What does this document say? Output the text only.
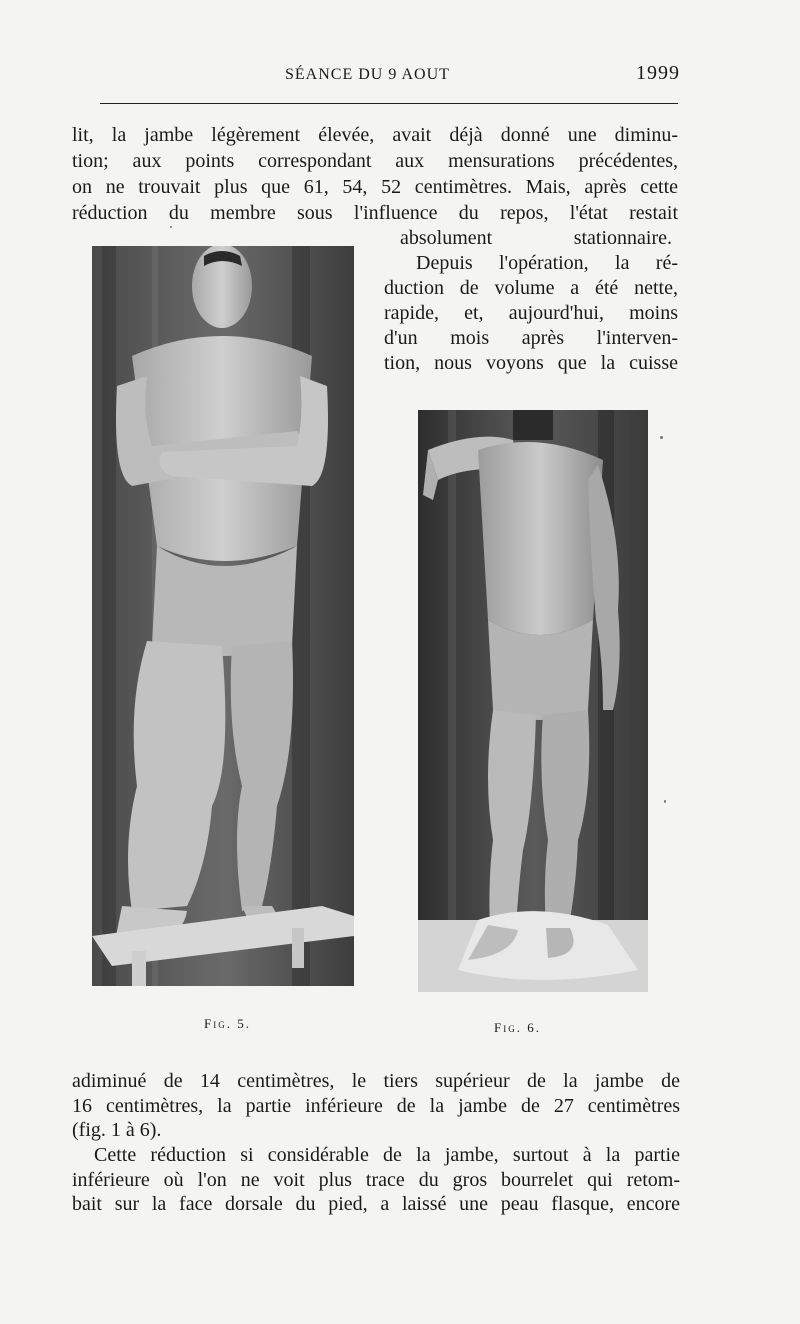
SÉANCE DU 9 AOUT	1999
lit, la jambe légèrement élevée, avait déjà donné une diminu-
tion; aux points correspondant aux mensurations précédentes,
on ne trouvait plus que 61, 54, 52 centimètres. Mais, après cette
réduction du membre sous l'influence du repos, l'état restait
absolument stationnaire.
Depuis l'opération, la ré-
duction de volume a été nette,
rapide, et, aujourd'hui, moins
d'un mois après l'interven-
tion, nous voyons que la cuisse
Fig. 5.	Fig. 6.
adiminué de 14 centimètres, le tiers supérieur de la jambe de
16 centimètres, la partie inférieure de la jambe de 27 centimètres
(fig. 1 à 6).
Cette réduction si considérable de la jambe, surtout à la partie
inférieure où l'on ne voit plus trace du gros bourrelet qui retom-
bait sur la face dorsale du pied, a laissé une peau flasque, encore
